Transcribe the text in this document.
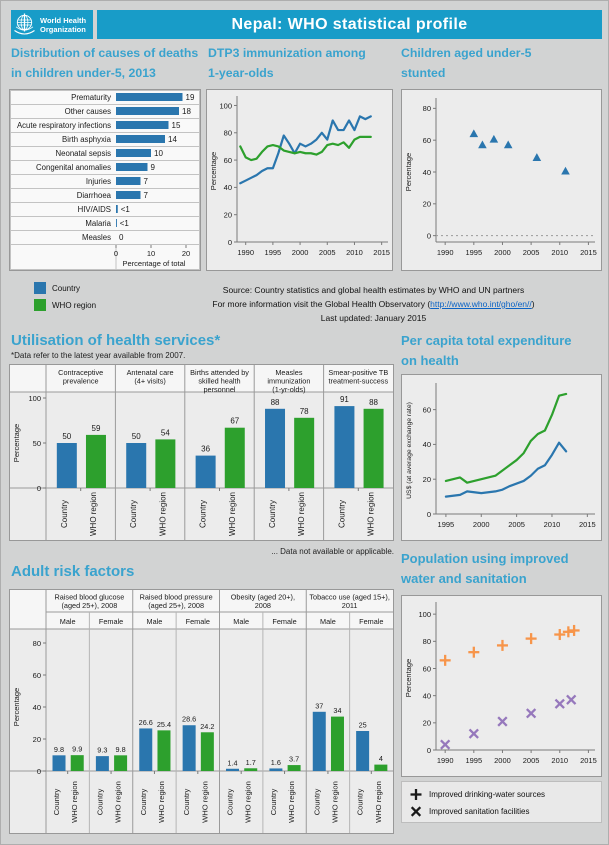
World Health
Organization	Nepal: WHO statistical profile
Distribution of causes of deaths
in children under-5, 2013
DTP3 immunization among
1-year-olds
Children aged under-5
stunted
Prematurity	19
Other causes	18
Acute respiratory infections	15
Birth asphyxia	14
Neonatal sepsis	10
Congenital anomalies	9
Injuries	7
Diarrhoea	7
HIV/AIDS <1
Malaria <1
Measles 0
0	10	20
Percentage of total
0
20
40
60
80
100
1990 1995 2000 2005 2010 2015
Percentage
0
20
40
60
80
1990 1995 2000 2005 2010 2015
Percentage
Country
WHO region
Source: Country statistics and global health estimates by WHO and UN partners
For more information visit the Global Health Observatory (http://www.who.int/gho/en//)
Last updated: January 2015
Utilisation of health services*
*Data refer to the latest year available from 2007.
0
50
100
Percentage
Contraceptive
prevalence
50
Country
59
WHO region
Antenatal care
(4+ visits)
50
Country
54
WHO region
Births attended by
skilled health
personnel
36
Country
67
WHO region
Measles
immunization
(1-yr-olds)
88
Country
78
WHO region
Smear-positive TB
treatment-success
91
Country
88
WHO region
Per capita total expenditure
on health
0
20
40
60
1995 2000 2005 2010 2015
US$ (at average exchange rate)
... Data not available or applicable.
Adult risk factors
0
20
40
60
80
Percentage
Raised blood glucose
(aged 25+), 2008
Male
9.8
Country
9.9
WHO region
Female
9.3
Country
9.8
WHO region
Raised blood pressure
(aged 25+), 2008
Male
26.6
Country
25.4
WHO region
Female
28.6
Country
24.2
WHO region
Obesity (aged 20+),
2008
Male
1.4
Country
1.7
WHO region
Female
1.6
Country
3.7
WHO region
Tobacco use (aged 15+),
2011
Male
37
Country
34
WHO region
Female
25
Country
4
WHO region
Population using improved
water and sanitation
0
20
40
60
80
100
1990 1995 2000 2005 2010 2015
Percentage
Improved drinking-water sources
Improved sanitation facilities
